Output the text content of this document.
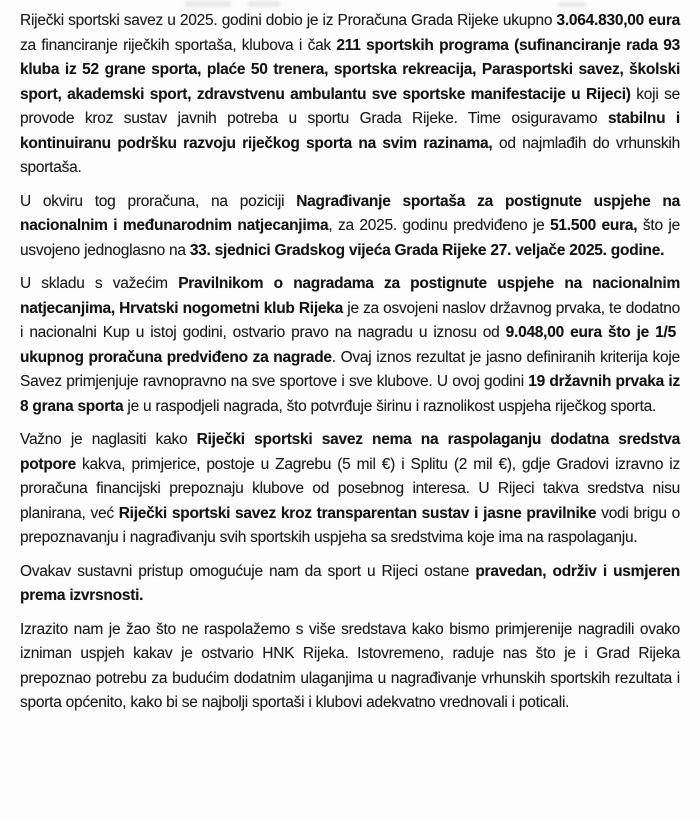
Riječki sportski savez u 2025. godini dobio je iz Proračuna Grada Rijeke ukupno 3.064.830,00 eura za financiranje riječkih sportaša, klubova i čak 211 sportskih programa (sufinanciranje rada 93 kluba iz 52 grane sporta, plaće 50 trenera, sportska rekreacija, Parasportski savez, školski sport, akademski sport, zdravstvenu ambulantu sve sportske manifestacije u Rijeci) koji se provode kroz sustav javnih potreba u sportu Grada Rijeke. Time osiguravamo stabilnu i kontinuiranu podršku razvoju riječkog sporta na svim razinama, od najmlađih do vrhunskih sportaša.

U okviru tog proračuna, na poziciji Nagrađivanje sportaša za postignute uspjehe na nacionalnim i međunarodnim natjecanjima, za 2025. godinu predviđeno je 51.500 eura, što je usvojeno jednoglasno na 33. sjednici Gradskog vijeća Grada Rijeke 27. veljače 2025. godine.

U skladu s važećim Pravilnikom o nagradama za postignute uspjehe na nacionalnim natjecanjima, Hrvatski nogometni klub Rijeka je za osvojeni naslov državnog prvaka, te dodatno i nacionalni Kup u istoj godini, ostvario pravo na nagradu u iznosu od 9.048,00 eura što je 1/5  ukupnog proračuna predviđeno za nagrade. Ovaj iznos rezultat je jasno definiranih kriterija koje Savez primjenjuje ravnopravno na sve sportove i sve klubove. U ovoj godini 19 državnih prvaka iz 8 grana sporta je u raspodjeli nagrada, što potvrđuje širinu i raznolikost uspjeha riječkog sporta.

Važno je naglasiti kako Riječki sportski savez nema na raspolaganju dodatna sredstva potpore kakva, primjerice, postoje u Zagrebu (5 mil €) i Splitu (2 mil €), gdje Gradovi izravno iz proračuna financijski prepoznaju klubove od posebnog interesa. U Rijeci takva sredstva nisu planirana, već Riječki sportski savez kroz transparentan sustav i jasne pravilnike vodi brigu o prepoznavanju i nagrađivanju svih sportskih uspjeha sa sredstvima koje ima na raspolaganju.

Ovakav sustavni pristup omogućuje nam da sport u Rijeci ostane pravedan, održiv i usmjeren prema izvrsnosti.

Izrazito nam je žao što ne raspolažemo s više sredstava kako bismo primjerenije nagradili ovako izniman uspjeh kakav je ostvario HNK Rijeka. Istovremeno, raduje nas što je i Grad Rijeka prepoznao potrebu za budućim dodatnim ulaganjima u nagrađivanje vrhunskih sportskih rezultata i sporta općenito, kako bi se najbolji sportaši i klubovi adekvatno vrednovali i poticali.
